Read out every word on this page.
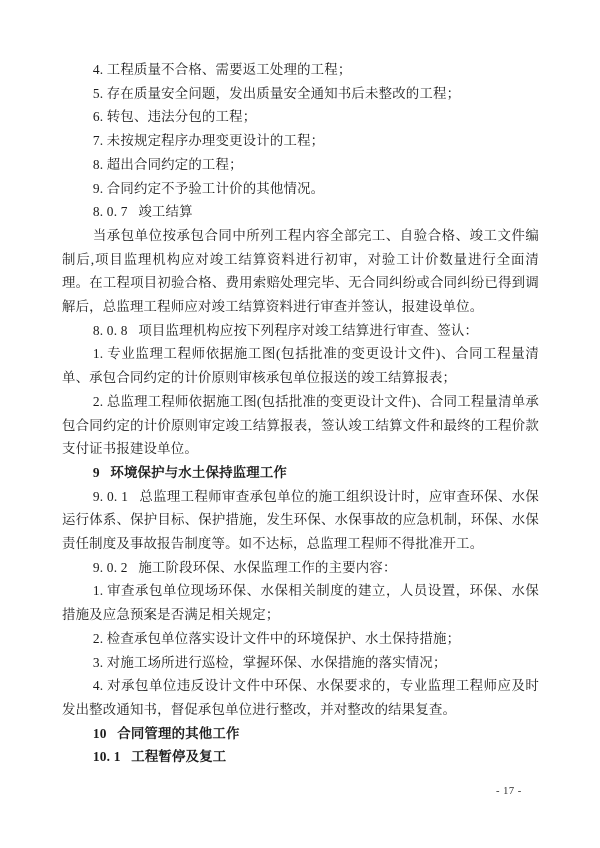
4. 工程质量不合格、需要返工处理的工程；

5. 存在质量安全问题，发出质量安全通知书后未整改的工程；

6. 转包、违法分包的工程；

7. 未按规定程序办理变更设计的工程；

8. 超出合同约定的工程；

9. 合同约定不予验工计价的其他情况。

8. 0. 7   竣工结算

当承包单位按承包合同中所列工程内容全部完工、自验合格、竣工文件编制后,项目监理机构应对竣工结算资料进行初审，对验工计价数量进行全面清理。在工程项目初验合格、费用索赔处理完毕、无合同纠纷或合同纠纷已得到调解后，总监理工程师应对竣工结算资料进行审查并签认，报建设单位。

8. 0. 8   项目监理机构应按下列程序对竣工结算进行审查、签认：

1. 专业监理工程师依据施工图(包括批准的变更设计文件)、合同工程量清单、承包合同约定的计价原则审核承包单位报送的竣工结算报表；

2. 总监理工程师依据施工图(包括批准的变更设计文件)、合同工程量清单承包合同约定的计价原则审定竣工结算报表，签认竣工结算文件和最终的工程价款支付证书报建设单位。

9   环境保护与水土保持监理工作

9. 0. 1   总监理工程师审查承包单位的施工组织设计时，应审查环保、水保运行体系、保护目标、保护措施，发生环保、水保事故的应急机制，环保、水保责任制度及事故报告制度等。如不达标，总监理工程师不得批准开工。

9. 0. 2   施工阶段环保、水保监理工作的主要内容：

1. 审查承包单位现场环保、水保相关制度的建立，人员设置，环保、水保措施及应急预案是否满足相关规定；

2. 检查承包单位落实设计文件中的环境保护、水土保持措施；

3. 对施工场所进行巡检，掌握环保、水保措施的落实情况；

4. 对承包单位违反设计文件中环保、水保要求的，专业监理工程师应及时发出整改通知书，督促承包单位进行整改，并对整改的结果复查。

10   合同管理的其他工作

10. 1   工程暂停及复工

- 17 -
